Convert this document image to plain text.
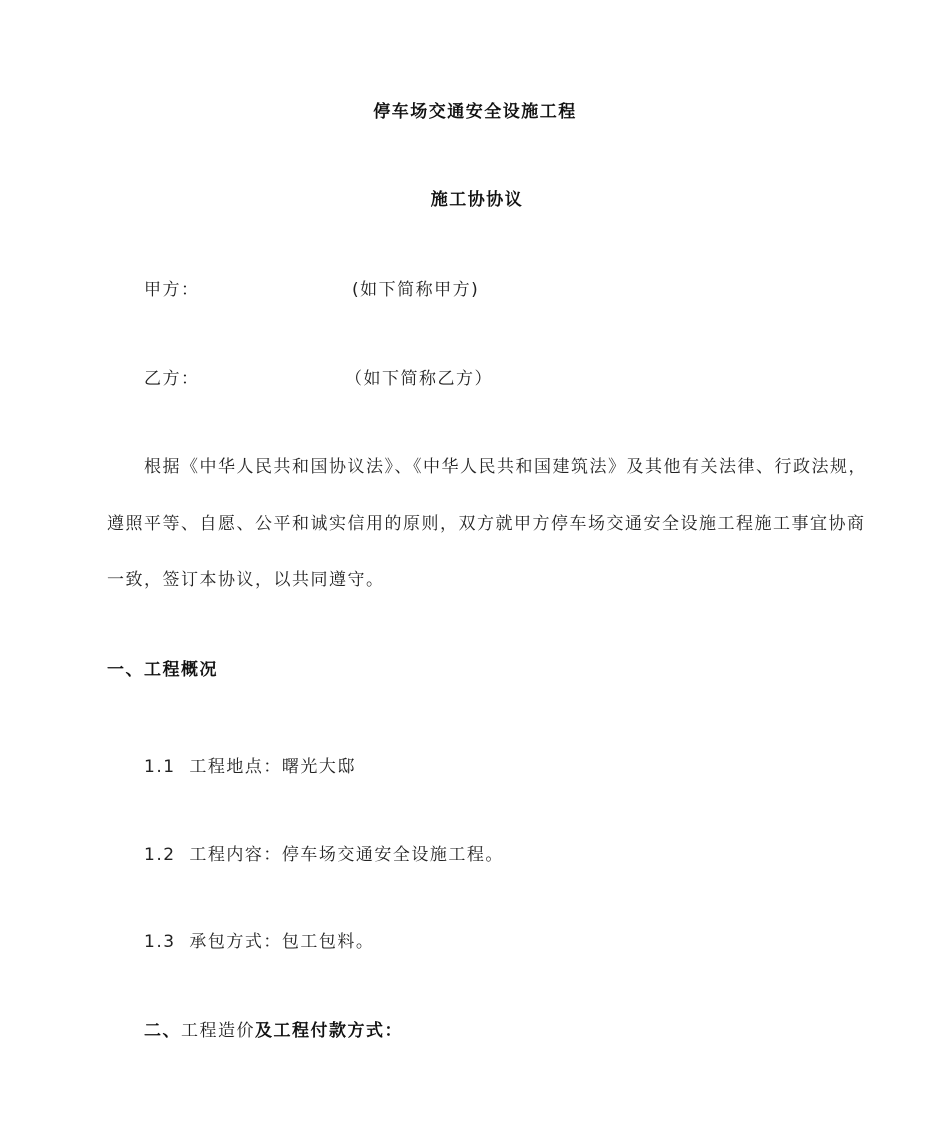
停车场交通安全设施工程
施工协协议
甲方：	(如下简称甲方)
乙方：	（如下简称乙方）
根据《中华人民共和国协议法》、《中华人民共和国建筑法》及其他有关法律、行政法规，
遵照平等、自愿、公平和诚实信用的原则，双方就甲方停车场交通安全设施工程施工事宜协商
一致，签订本协议，以共同遵守。
一、工程概况
1.1 工程地点：曙光大邸
1.2 工程内容：停车场交通安全设施工程。
1.3 承包方式：包工包料。
二、工程造价及工程付款方式：
